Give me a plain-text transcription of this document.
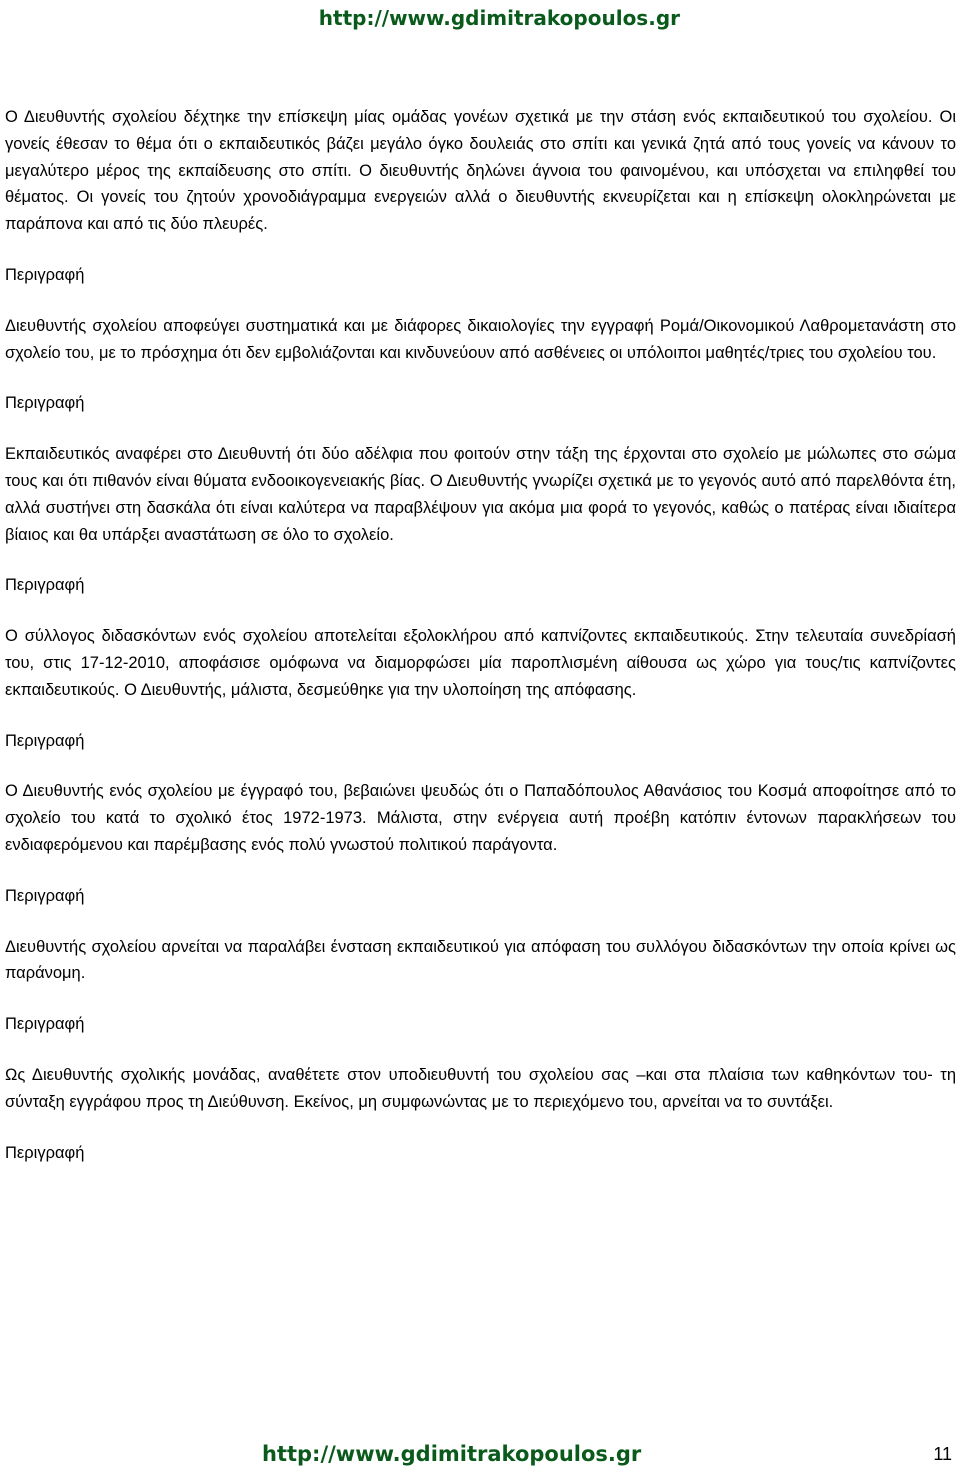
http://www.gdimitrakopoulos.gr

Ο Διευθυντής σχολείου δέχτηκε την επίσκεψη μίας ομάδας γονέων σχετικά με την στάση ενός εκπαιδευτικού του σχολείου. Οι γονείς έθεσαν το θέμα ότι ο εκπαιδευτικός βάζει μεγάλο όγκο δουλειάς στο σπίτι και γενικά ζητά από τους γονείς να κάνουν το μεγαλύτερο μέρος της εκπαίδευσης στο σπίτι. Ο διευθυντής δηλώνει άγνοια του φαινομένου, και υπόσχεται να επιληφθεί του θέματος. Οι γονείς του ζητούν χρονοδιάγραμμα ενεργειών αλλά ο διευθυντής εκνευρίζεται και η επίσκεψη ολοκληρώνεται με παράπονα και από τις δύο πλευρές.

Περιγραφή

Διευθυντής σχολείου αποφεύγει συστηματικά και με διάφορες δικαιολογίες την εγγραφή Ρομά/Οικονομικού Λαθρομετανάστη στο σχολείο του, με το πρόσχημα ότι δεν εμβολιάζονται και κινδυνεύουν από ασθένειες οι υπόλοιποι μαθητές/τριες του σχολείου του.

Περιγραφή

Εκπαιδευτικός αναφέρει στο Διευθυντή ότι δύο αδέλφια που φοιτούν στην τάξη της έρχονται στο σχολείο με μώλωπες στο σώμα τους και ότι πιθανόν είναι θύματα ενδοοικογενειακής βίας. Ο Διευθυντής γνωρίζει σχετικά με το γεγονός αυτό από παρελθόντα έτη, αλλά συστήνει στη δασκάλα ότι είναι καλύτερα να παραβλέψουν για ακόμα μια φορά το γεγονός, καθώς ο πατέρας είναι ιδιαίτερα βίαιος και θα υπάρξει αναστάτωση σε όλο το σχολείο.

Περιγραφή

Ο σύλλογος διδασκόντων ενός σχολείου αποτελείται εξολοκλήρου από καπνίζοντες εκπαιδευτικούς. Στην τελευταία συνεδρίασή του, στις 17-12-2010, αποφάσισε ομόφωνα να διαμορφώσει μία παροπλισμένη αίθουσα ως χώρο για τους/τις καπνίζοντες εκπαιδευτικούς. Ο Διευθυντής, μάλιστα, δεσμεύθηκε για την υλοποίηση της απόφασης.

Περιγραφή

Ο Διευθυντής ενός σχολείου με έγγραφό του, βεβαιώνει ψευδώς ότι ο Παπαδόπουλος Αθανάσιος του Κοσμά αποφοίτησε από το σχολείο του κατά το σχολικό έτος 1972-1973. Μάλιστα, στην ενέργεια αυτή προέβη κατόπιν έντονων παρακλήσεων του ενδιαφερόμενου και παρέμβασης ενός πολύ γνωστού πολιτικού παράγοντα.

Περιγραφή

Διευθυντής σχολείου αρνείται να παραλάβει ένσταση εκπαιδευτικού για απόφαση του συλλόγου διδασκόντων την οποία κρίνει ως παράνομη.

Περιγραφή

Ως Διευθυντής σχολικής μονάδας, αναθέτετε στον υποδιευθυντή του σχολείου σας –και στα πλαίσια των καθηκόντων του- τη σύνταξη εγγράφου προς τη Διεύθυνση. Εκείνος, μη συμφωνώντας με το περιεχόμενο του, αρνείται να το συντάξει.

Περιγραφή

http://www.gdimitrakopoulos.gr	11
